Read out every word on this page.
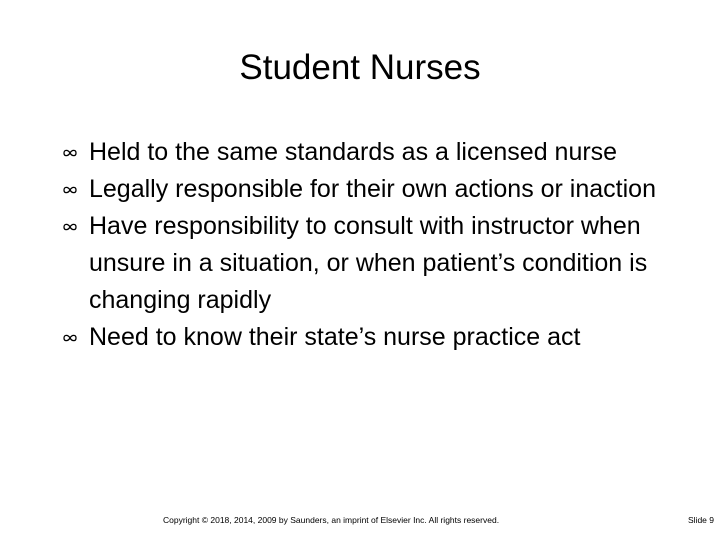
Student Nurses
Held to the same standards as a licensed nurse
Legally responsible for their own actions or inaction
Have responsibility to consult with instructor when unsure in a situation, or when patient’s condition is changing rapidly
Need to know their state’s nurse practice act
Copyright © 2018, 2014, 2009 by Saunders, an imprint of Elsevier Inc. All rights reserved.	Slide 9
